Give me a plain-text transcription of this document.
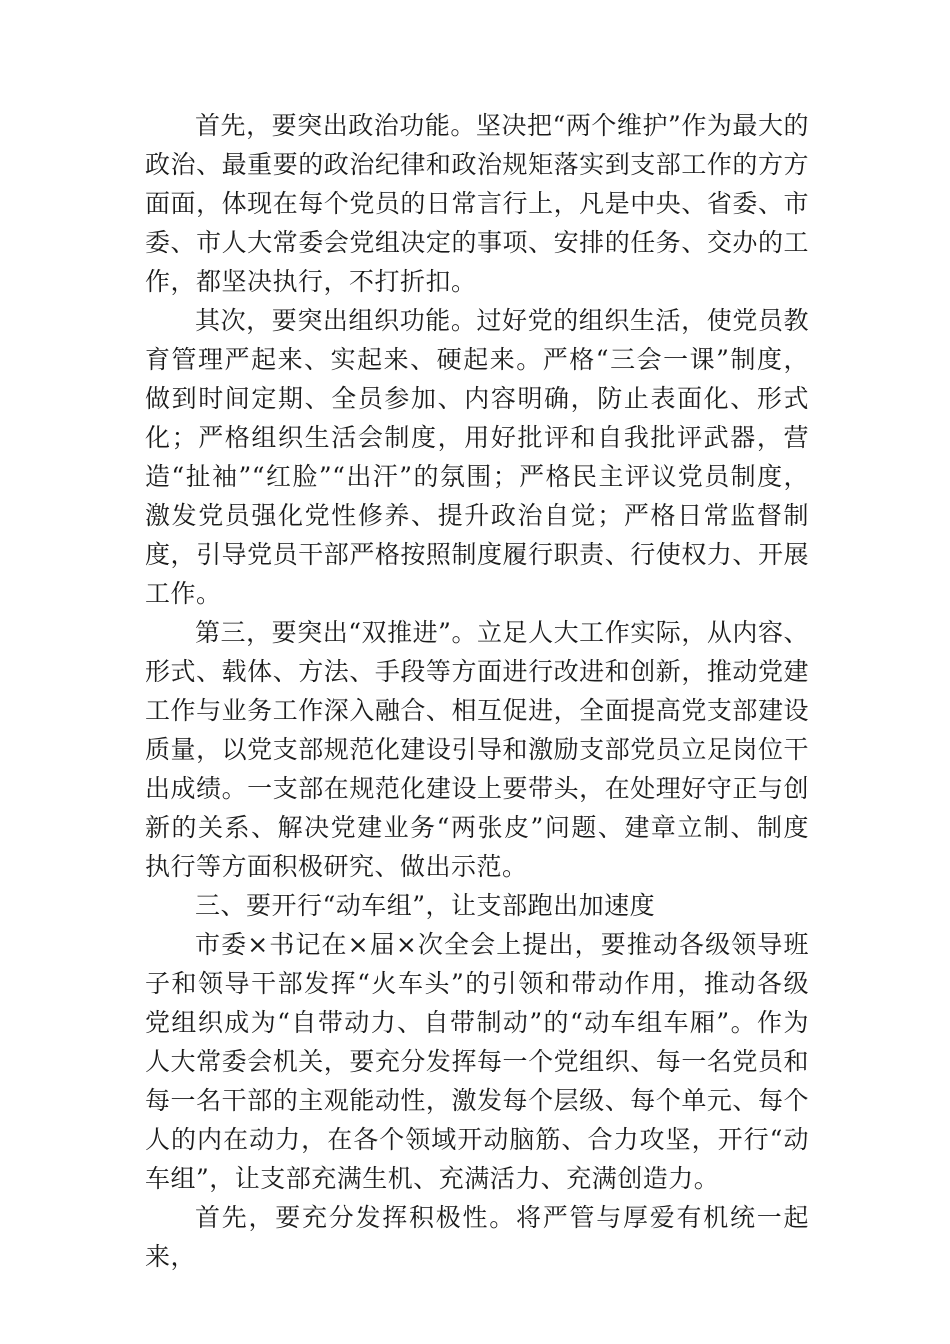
首先，要突出政治功能。坚决把“两个维护”作为最大的政治、最重要的政治纪律和政治规矩落实到支部工作的方方面面，体现在每个党员的日常言行上，凡是中央、省委、市委、市人大常委会党组决定的事项、安排的任务、交办的工作，都坚决执行，不打折扣。

其次，要突出组织功能。过好党的组织生活，使党员教育管理严起来、实起来、硬起来。严格“三会一课”制度，做到时间定期、全员参加、内容明确，防止表面化、形式化；严格组织生活会制度，用好批评和自我批评武器，营造“扯袖”“红脸”“出汗”的氛围；严格民主评议党员制度，激发党员强化党性修养、提升政治自觉；严格日常监督制度，引导党员干部严格按照制度履行职责、行使权力、开展工作。

第三，要突出“双推进”。立足人大工作实际，从内容、形式、载体、方法、手段等方面进行改进和创新，推动党建工作与业务工作深入融合、相互促进，全面提高党支部建设质量，以党支部规范化建设引导和激励支部党员立足岗位干出成绩。一支部在规范化建设上要带头，在处理好守正与创新的关系、解决党建业务“两张皮”问题、建章立制、制度执行等方面积极研究、做出示范。

三、要开行“动车组”，让支部跑出加速度

市委×书记在×届×次全会上提出，要推动各级领导班子和领导干部发挥“火车头”的引领和带动作用，推动各级党组织成为“自带动力、自带制动”的“动车组车厢”。作为人大常委会机关，要充分发挥每一个党组织、每一名党员和每一名干部的主观能动性，激发每个层级、每个单元、每个人的内在动力，在各个领域开动脑筋、合力攻坚，开行“动车组”，让支部充满生机、充满活力、充满创造力。

首先，要充分发挥积极性。将严管与厚爱有机统一起来，
